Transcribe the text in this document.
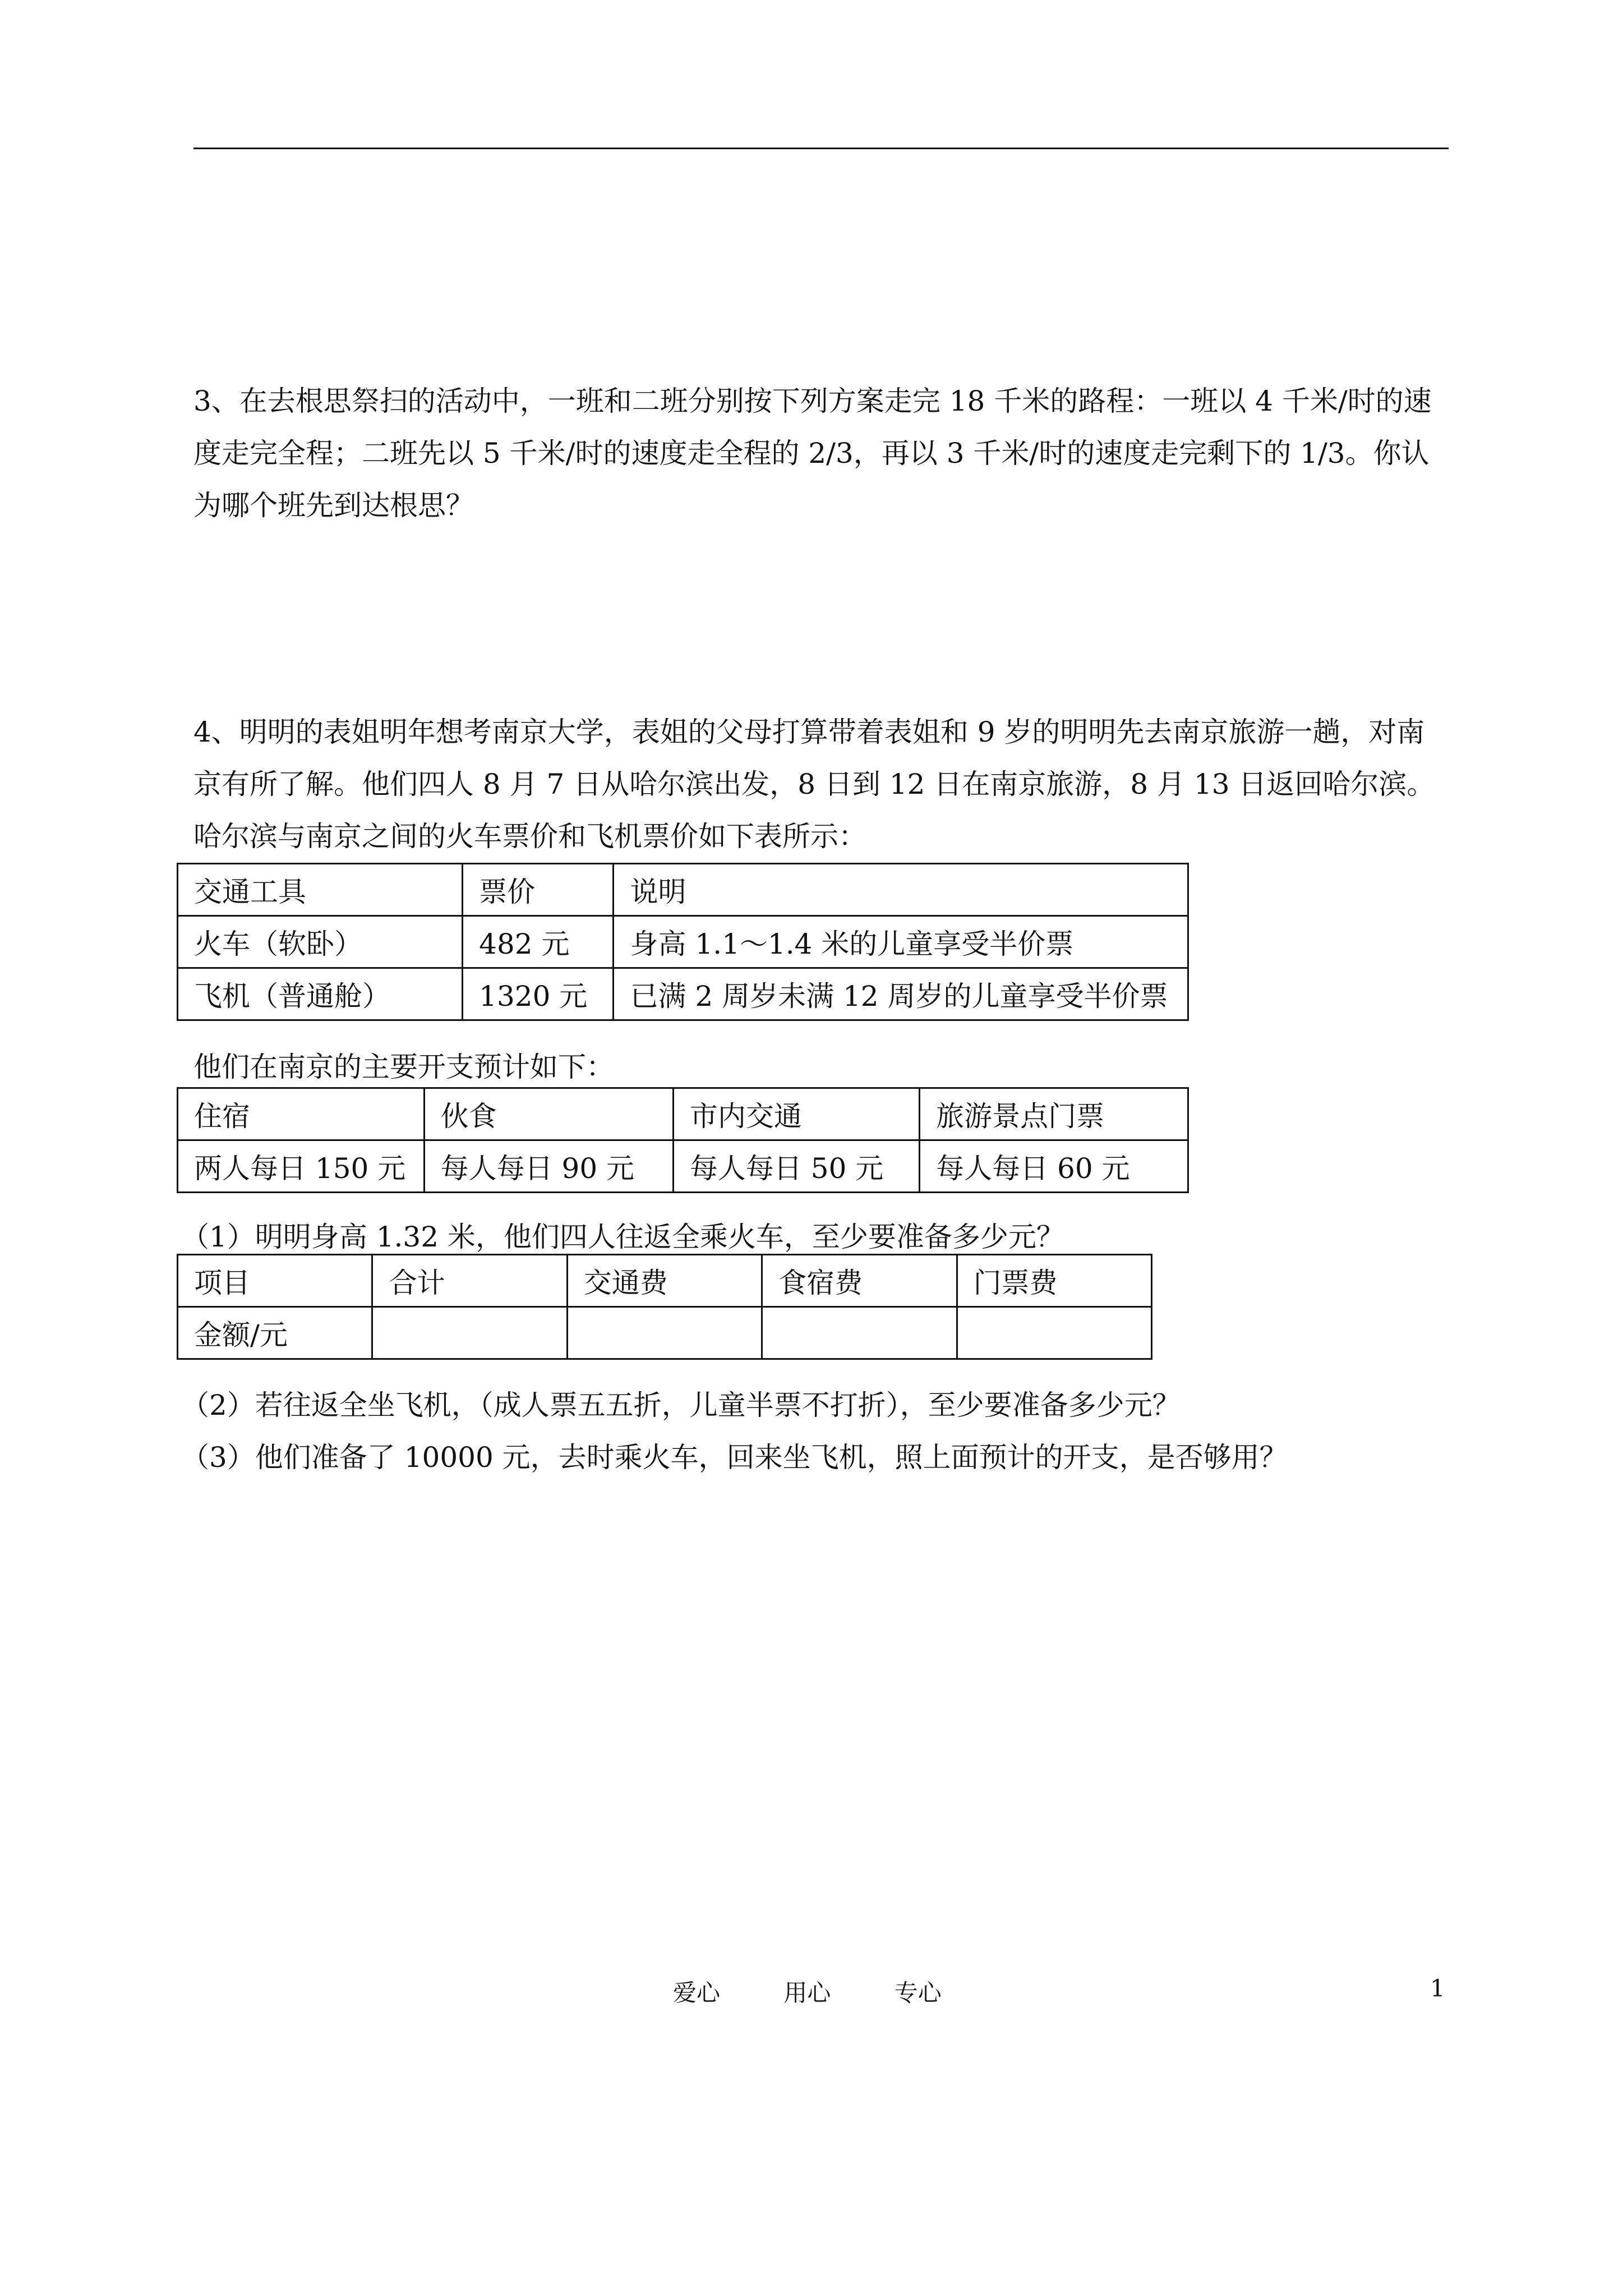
3、在去根思祭扫的活动中，一班和二班分别按下列方案走完 18 千米的路程：一班以 4 千米/时的速
度走完全程；二班先以 5 千米/时的速度走全程的 2/3，再以 3 千米/时的速度走完剩下的 1/3。你认
为哪个班先到达根思？
4、明明的表姐明年想考南京大学，表姐的父母打算带着表姐和 9 岁的明明先去南京旅游一趟，对南
京有所了解。他们四人 8 月 7 日从哈尔滨出发，8 日到 12 日在南京旅游，8 月 13 日返回哈尔滨。
哈尔滨与南京之间的火车票价和飞机票价如下表所示：
交通工具	票价	说明
火车（软卧）	482 元	身高 1.1～1.4 米的儿童享受半价票
飞机（普通舱）	1320 元	已满 2 周岁未满 12 周岁的儿童享受半价票
他们在南京的主要开支预计如下：
住宿	伙食	市内交通	旅游景点门票
两人每日 150 元	每人每日 90 元	每人每日 50 元	每人每日 60 元
（1）明明身高 1.32 米，他们四人往返全乘火车，至少要准备多少元？
项目	合计	交通费	食宿费	门票费
金额/元				
（2）若往返全坐飞机，（成人票五五折，儿童半票不打折），至少要准备多少元？
（3）他们准备了 10000 元，去时乘火车，回来坐飞机，照上面预计的开支，是否够用？
爱心	用心	专心	1
